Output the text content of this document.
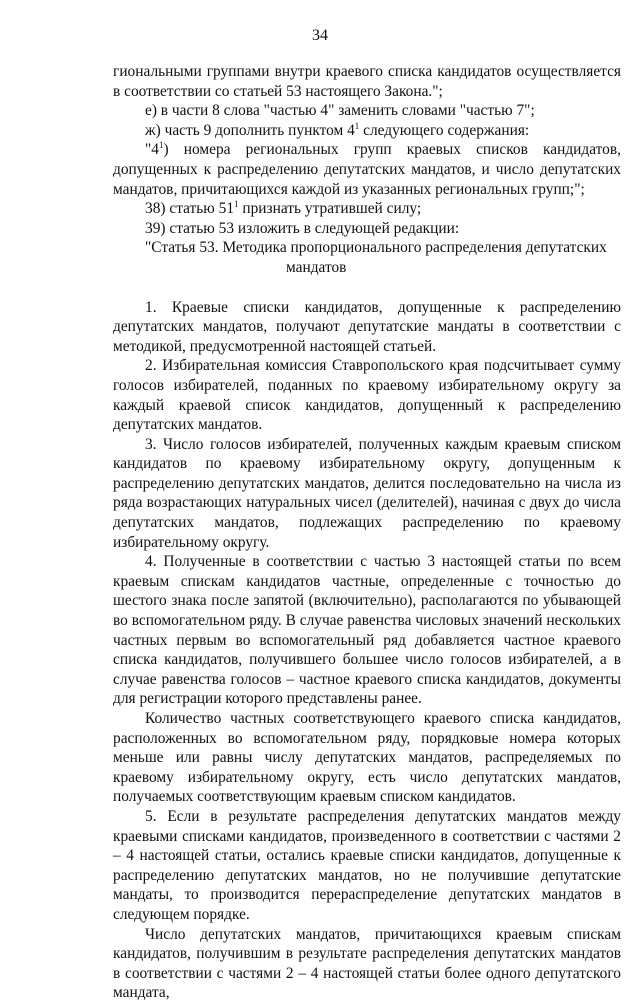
34

гиональными группами внутри краевого списка кандидатов осуществляется в соответствии со статьей 53 настоящего Закона.";

е) в части 8 слова "частью 4" заменить словами "частью 7";

ж) часть 9 дополнить пунктом $4^1$ следующего содержания:

"$4^1$) номера региональных групп краевых списков кандидатов, допущенных к распределению депутатских мандатов, и число депутатских мандатов, причитающихся каждой из указанных региональных групп;";

38) статью $51^1$ признать утратившей силу;

39) статью 53 изложить в следующей редакции:

"Статья 53. Методика пропорционального распределения депутатских
мандатов

1. Краевые списки кандидатов, допущенные к распределению депутатских мандатов, получают депутатские мандаты в соответствии с методикой, предусмотренной настоящей статьей.

2. Избирательная комиссия Ставропольского края подсчитывает сумму голосов избирателей, поданных по краевому избирательному округу за каждый краевой список кандидатов, допущенный к распределению депутатских мандатов.

3. Число голосов избирателей, полученных каждым краевым списком кандидатов по краевому избирательному округу, допущенным к распределению депутатских мандатов, делится последовательно на числа из ряда возрастающих натуральных чисел (делителей), начиная с двух до числа депутатских мандатов, подлежащих распределению по краевому избирательному округу.

4. Полученные в соответствии с частью 3 настоящей статьи по всем краевым спискам кандидатов частные, определенные с точностью до шестого знака после запятой (включительно), располагаются по убывающей во вспомогательном ряду. В случае равенства числовых значений нескольких частных первым во вспомогательный ряд добавляется частное краевого списка кандидатов, получившего большее число голосов избирателей, а в случае равенства голосов – частное краевого списка кандидатов, документы для регистрации которого представлены ранее.

Количество частных соответствующего краевого списка кандидатов, расположенных во вспомогательном ряду, порядковые номера которых меньше или равны числу депутатских мандатов, распределяемых по краевому избирательному округу, есть число депутатских мандатов, получаемых соответствующим краевым списком кандидатов.

5. Если в результате распределения депутатских мандатов между краевыми списками кандидатов, произведенного в соответствии с частями 2 – 4 настоящей статьи, остались краевые списки кандидатов, допущенные к распределению депутатских мандатов, но не получившие депутатские мандаты, то производится перераспределение депутатских мандатов в следующем порядке.

Число депутатских мандатов, причитающихся краевым спискам кандидатов, получившим в результате распределения депутатских мандатов в соответствии с частями 2 – 4 настоящей статьи более одного депутатского мандата,
